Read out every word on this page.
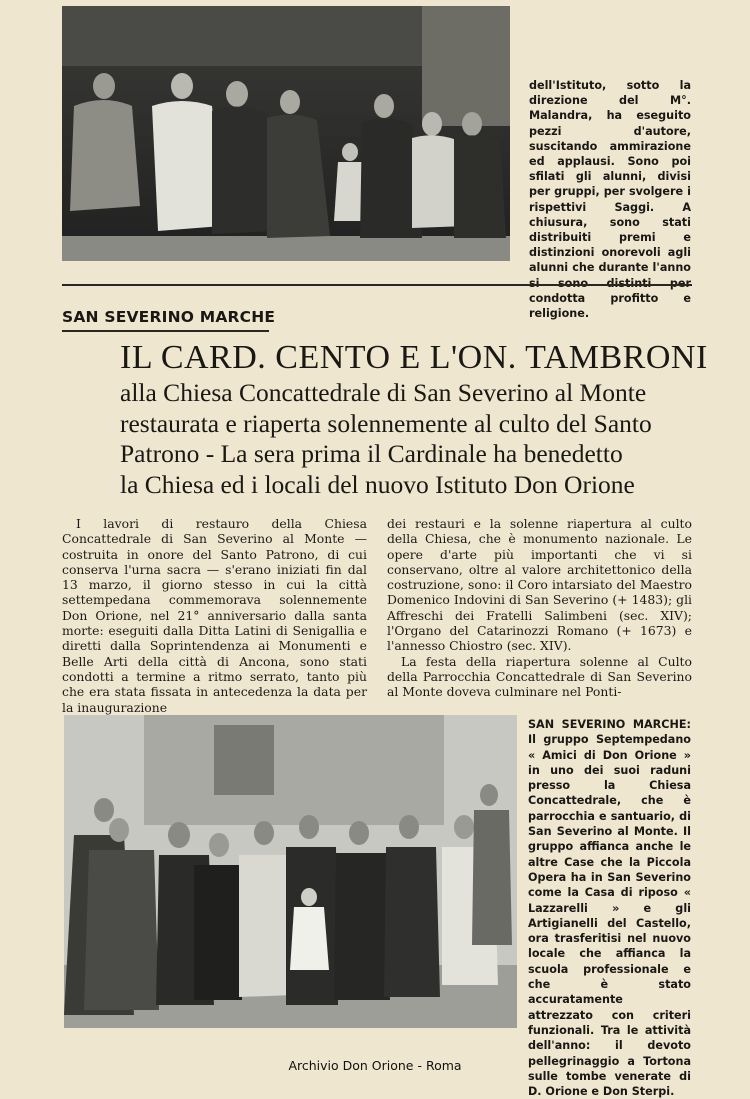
dell'Istituto, sotto la direzione del M°. Malandra, ha eseguito pezzi d'autore, suscitando ammirazione ed applausi. Sono poi sfilati gli alunni, divisi per gruppi, per svolgere i rispettivi Saggi. A chiusura, sono stati distribuiti premi e distinzioni onorevoli agli alunni che durante l'anno condotta profitto e religione.

SAN SEVERINO MARCHE
IL CARD. CENTO E L'ON. TAMBRONI
alla Chiesa Concattedrale di San Severino al Monte
restaurata e riaperta solennemente al culto del Santo
Patrono - La sera prima il Cardinale ha benedetto
la Chiesa ed i locali del nuovo Istituto Don Orione

I lavori di restauro della Chiesa Concattedrale di San Severino al Monte — costruita in onore del Santo Patrono, di cui conserva l'urna sacra — s'erano iniziati fin dal 13 marzo, il giorno stesso in cui la città settempedana commemorava solennemente Don Orione, nel 21° anniversario dalla santa morte: eseguiti dalla Ditta Latini di Senigallia e diretti dalla Soprintendenza ai Monumenti e Belle Arti della città di Ancona, sono stati condotti a termine a ritmo serrato, tanto più che era stata fissata in antecedenza la data per la inaugurazione

dei restauri e la solenne riapertura al culto della Chiesa, che è monumento nazionale. Le opere d'arte più importanti che vi si conservano, oltre al valore architettonico della costruzione, sono: il Coro intarsiato del Maestro Domenico Indovini di San Severino (+ 1483); gli Affreschi dei Fratelli Salimbeni (sec. XIV); l'Organo del Catarinozzi Romano (+ 1673) e l'annesso Chiostro (sec. XIV).

La festa della riapertura solenne al Culto della Parrocchia Concattedrale di San Severino al Monte doveva culminare nel Ponti-

SAN SEVERINO MARCHE: Il gruppo Septempedano « Amici di Don Orione » in uno dei suoi raduni presso la Chiesa Concattedrale, che è parrocchia e santuario, di San Severino al Monte. Il gruppo affianca anche le altre Case che la Piccola Opera ha in San Severino come la Casa di riposo « Lazzarelli » e gli Artigianelli del Castello, ora trasferitisi nel nuovo locale che affianca la scuola professionale e che è stato accuratamente attrezzato con criteri funzionali. Tra le attività dell'anno: il devoto pellegrinaggio a Tortona sulle tombe venerate di D. Orione e Don Sterpi.

Archivio Don Orione - Roma
